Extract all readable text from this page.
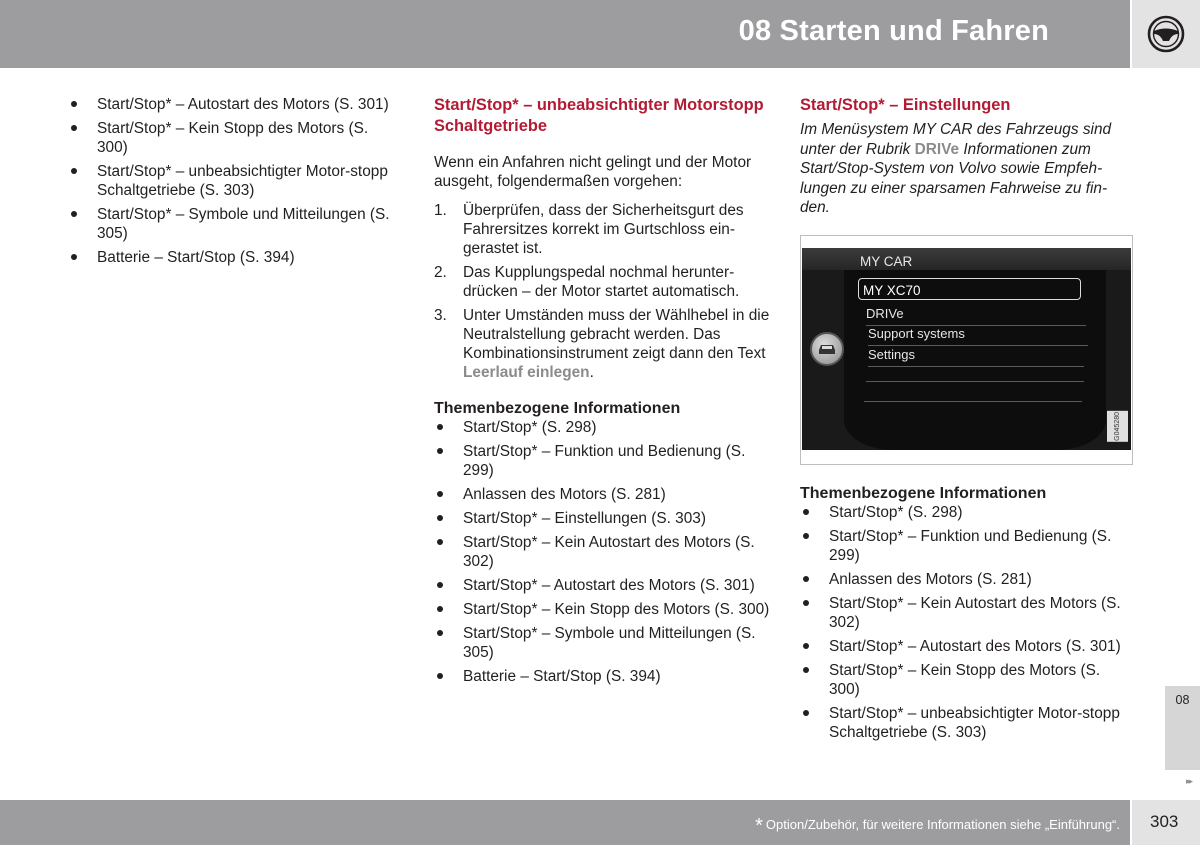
08 Starten und Fahren
Start/Stop* – Autostart des Motors (S. 301)
Start/Stop* – Kein Stopp des Motors (S. 300)
Start/Stop* – unbeabsichtigter Motor-stopp Schaltgetriebe (S. 303)
Start/Stop* – Symbole und Mitteilungen (S. 305)
Batterie – Start/Stop (S. 394)
Start/Stop* – unbeabsichtigter Motorstopp Schaltgetriebe

Wenn ein Anfahren nicht gelingt und der Motor ausgeht, folgendermaßen vorgehen:

1.	Überprüfen, dass der Sicherheitsgurt des Fahrersitzes korrekt im Gurtschloss ein-gerastet ist.
2.	Das Kupplungspedal nochmal herunter-drücken – der Motor startet automatisch.
3.	Unter Umständen muss der Wählhebel in die Neutralstellung gebracht werden. Das Kombinationsinstrument zeigt dann den Text Leerlauf einlegen.
Themenbezogene Informationen
Start/Stop* (S. 298)
Start/Stop* – Funktion und Bedienung (S. 299)
Anlassen des Motors (S. 281)
Start/Stop* – Einstellungen (S. 303)
Start/Stop* – Kein Autostart des Motors (S. 302)
Start/Stop* – Autostart des Motors (S. 301)
Start/Stop* – Kein Stopp des Motors (S. 300)
Start/Stop* – Symbole und Mitteilungen (S. 305)
Batterie – Start/Stop (S. 394)
Start/Stop* – Einstellungen

Im Menüsystem MY CAR des Fahrzeugs sind unter der Rubrik DRIVe Informationen zum Start/Stop-System von Volvo sowie Empfeh-lungen zu einer sparsamen Fahrweise zu fin-den.

MY CAR
MY XC70
DRIVe
Support systems
Settings
G045280
Themenbezogene Informationen
Start/Stop* (S. 298)
Start/Stop* – Funktion und Bedienung (S. 299)
Anlassen des Motors (S. 281)
Start/Stop* – Kein Autostart des Motors (S. 302)
Start/Stop* – Autostart des Motors (S. 301)
Start/Stop* – Kein Stopp des Motors (S. 300)
Start/Stop* – unbeabsichtigter Motor-stopp Schaltgetriebe (S. 303)
08
▸▸
* Option/Zubehör, für weitere Informationen siehe „Einführung“. 303
